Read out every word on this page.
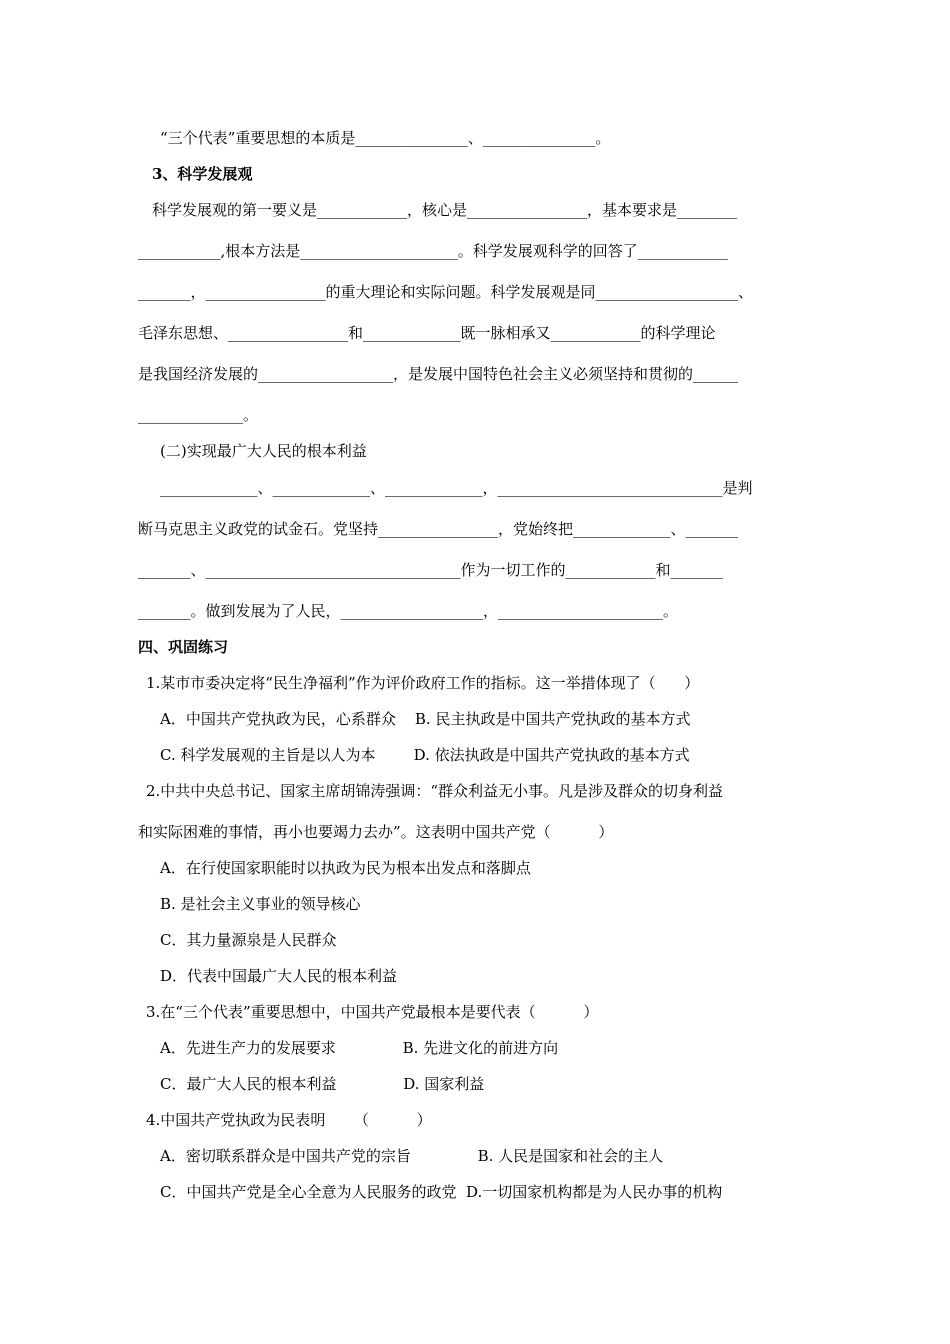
“三个代表”重要思想的本质是_______________、_______________。
3、科学发展观
科学发展观的第一要义是____________，核心是________________，基本要求是________
___________,根本方法是_____________________。科学发展观科学的回答了____________
_______，________________的重大理论和实际问题。科学发展观是同___________________、
毛泽东思想、________________和_____________既一脉相承又____________的科学理论
是我国经济发展的__________________，是发展中国特色社会主义必须坚持和贯彻的______
______________。
(二)实现最广大人民的根本利益
_____________、_____________、_____________，______________________________是判
断马克思主义政党的试金石。党坚持________________，党始终把_____________、_______
_______、__________________________________作为一切工作的____________和_______
_______。做到发展为了人民，___________________，______________________。
四、巩固练习
1.某市市委决定将“民生净福利”作为评价政府工作的指标。这一举措体现了（      ）
A．中国共产党执政为民，心系群众    B. 民主执政是中国共产党执政的基本方式
C. 科学发展观的主旨是以人为本        D. 依法执政是中国共产党执政的基本方式
2.中共中央总书记、国家主席胡锦涛强调：“群众利益无小事。凡是涉及群众的切身利益
和实际困难的事情，再小也要竭力去办”。这表明中国共产党（          ）
A．在行使国家职能时以执政为民为根本出发点和落脚点
B. 是社会主义事业的领导核心
C．其力量源泉是人民群众
D．代表中国最广大人民的根本利益
3.在“三个代表”重要思想中，中国共产党最根本是要代表（          ）
A．先进生产力的发展要求              B. 先进文化的前进方向
C．最广大人民的根本利益              D. 国家利益
4.中国共产党执政为民表明      （          ）
A．密切联系群众是中国共产党的宗旨              B. 人民是国家和社会的主人
C．中国共产党是全心全意为人民服务的政党  D.一切国家机构都是为人民办事的机构
